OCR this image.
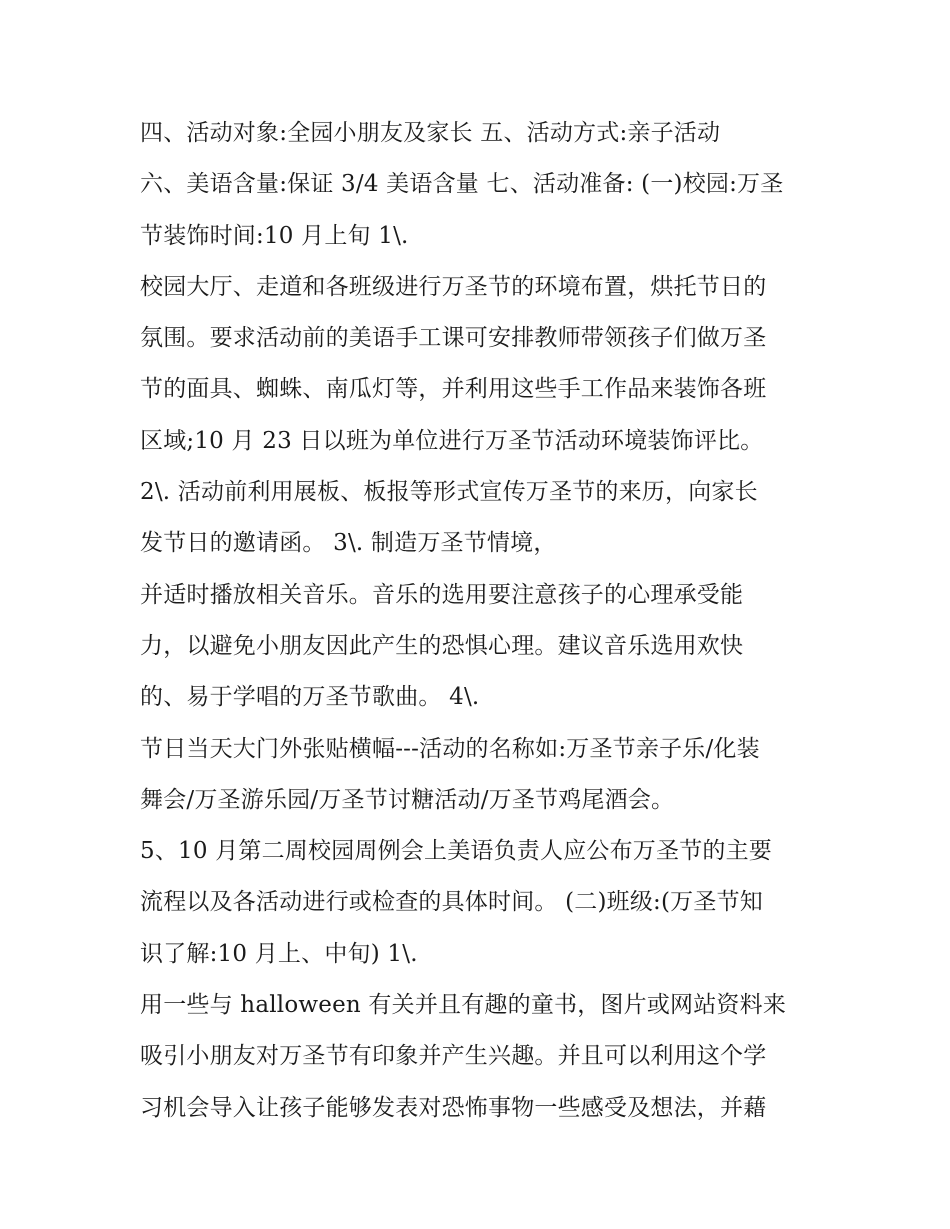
四、活动对象:全园小朋友及家长 五、活动方式:亲子活动
六、美语含量:保证 3/4 美语含量 七、活动准备: (一)校园:万圣
节装饰时间:10 月上旬 1\.
校园大厅、走道和各班级进行万圣节的环境布置，烘托节日的
氛围。要求活动前的美语手工课可安排教师带领孩子们做万圣
节的面具、蜘蛛、南瓜灯等，并利用这些手工作品来装饰各班
区域;10 月 23 日以班为单位进行万圣节活动环境装饰评比。
2\. 活动前利用展板、板报等形式宣传万圣节的来历，向家长
发节日的邀请函。 3\. 制造万圣节情境，
并适时播放相关音乐。音乐的选用要注意孩子的心理承受能
力，以避免小朋友因此产生的恐惧心理。建议音乐选用欢快
的、易于学唱的万圣节歌曲。 4\.
节日当天大门外张贴横幅---活动的名称如:万圣节亲子乐/化装
舞会/万圣游乐园/万圣节讨糖活动/万圣节鸡尾酒会。
5、10 月第二周校园周例会上美语负责人应公布万圣节的主要
流程以及各活动进行或检查的具体时间。 (二)班级:(万圣节知
识了解:10 月上、中旬) 1\.
用一些与 halloween 有关并且有趣的童书，图片或网站资料来
吸引小朋友对万圣节有印象并产生兴趣。并且可以利用这个学
习机会导入让孩子能够发表对恐怖事物一些感受及想法，并藉
